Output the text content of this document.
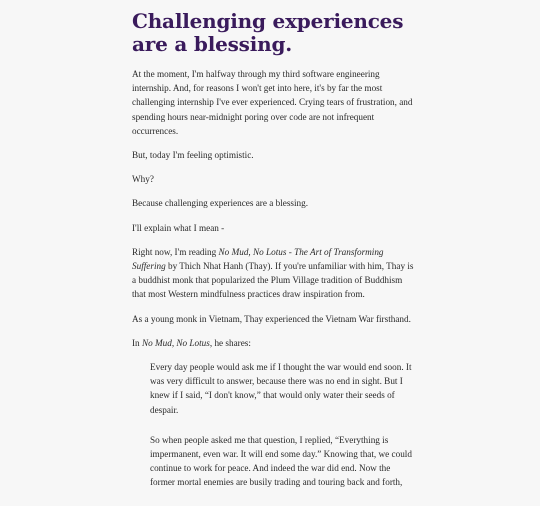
Challenging experiences are a blessing.

At the moment, I'm halfway through my third software engineering internship. And, for reasons I won't get into here, it's by far the most challenging internship I've ever experienced. Crying tears of frustration, and spending hours near-midnight poring over code are not infrequent occurrences.

But, today I'm feeling optimistic.

Why?

Because challenging experiences are a blessing.

I'll explain what I mean -

Right now, I'm reading No Mud, No Lotus - The Art of Transforming Suffering by Thich Nhat Hanh (Thay). If you're unfamiliar with him, Thay is a buddhist monk that popularized the Plum Village tradition of Buddhism that most Western mindfulness practices draw inspiration from.

As a young monk in Vietnam, Thay experienced the Vietnam War firsthand.

In No Mud, No Lotus, he shares:

Every day people would ask me if I thought the war would end soon. It was very difficult to answer, because there was no end in sight. But I knew if I said, “I don't know,” that would only water their seeds of despair.

So when people asked me that question, I replied, “Everything is impermanent, even war. It will end some day.” Knowing that, we could continue to work for peace. And indeed the war did end. Now the former mortal enemies are busily trading and touring back and forth,
